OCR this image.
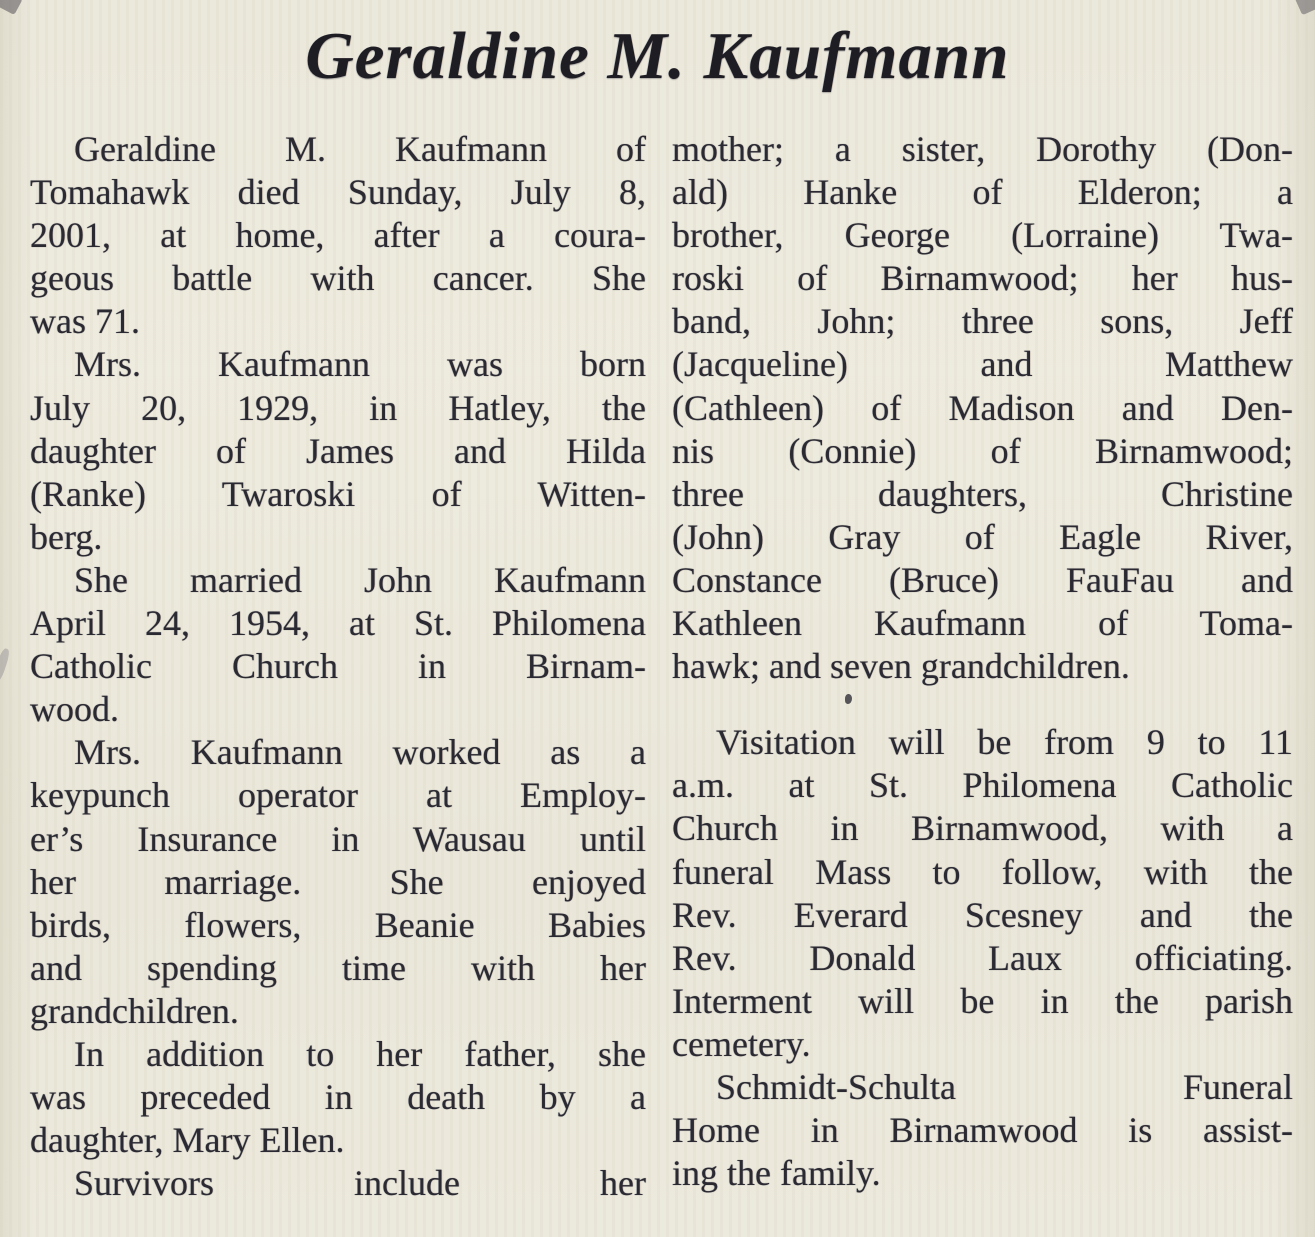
Geraldine M. Kaufmann
Geraldine M. Kaufmann of
Tomahawk died Sunday, July 8,
2001, at home, after a coura-
geous battle with cancer. She
was 71.
Mrs. Kaufmann was born
July 20, 1929, in Hatley, the
daughter of James and Hilda
(Ranke) Twaroski of Witten-
berg.
She married John Kaufmann
April 24, 1954, at St. Philomena
Catholic Church in Birnam-
wood.
Mrs. Kaufmann worked as a
keypunch operator at Employ-
er’s Insurance in Wausau until
her marriage. She enjoyed
birds, flowers, Beanie Babies
and spending time with her
grandchildren.
In addition to her father, she
was preceded in death by a
daughter, Mary Ellen.
Survivors include her
mother; a sister, Dorothy (Don-
ald) Hanke of Elderon; a
brother, George (Lorraine) Twa-
roski of Birnamwood; her hus-
band, John; three sons, Jeff
(Jacqueline) and Matthew
(Cathleen) of Madison and Den-
nis (Connie) of Birnamwood;
three daughters, Christine
(John) Gray of Eagle River,
Constance (Bruce) FauFau and
Kathleen Kaufmann of Toma-
hawk; and seven grandchildren.
Visitation will be from 9 to 11
a.m. at St. Philomena Catholic
Church in Birnamwood, with a
funeral Mass to follow, with the
Rev. Everard Scesney and the
Rev. Donald Laux officiating.
Interment will be in the parish
cemetery.
Schmidt-Schulta Funeral
Home in Birnamwood is assist-
ing the family.
